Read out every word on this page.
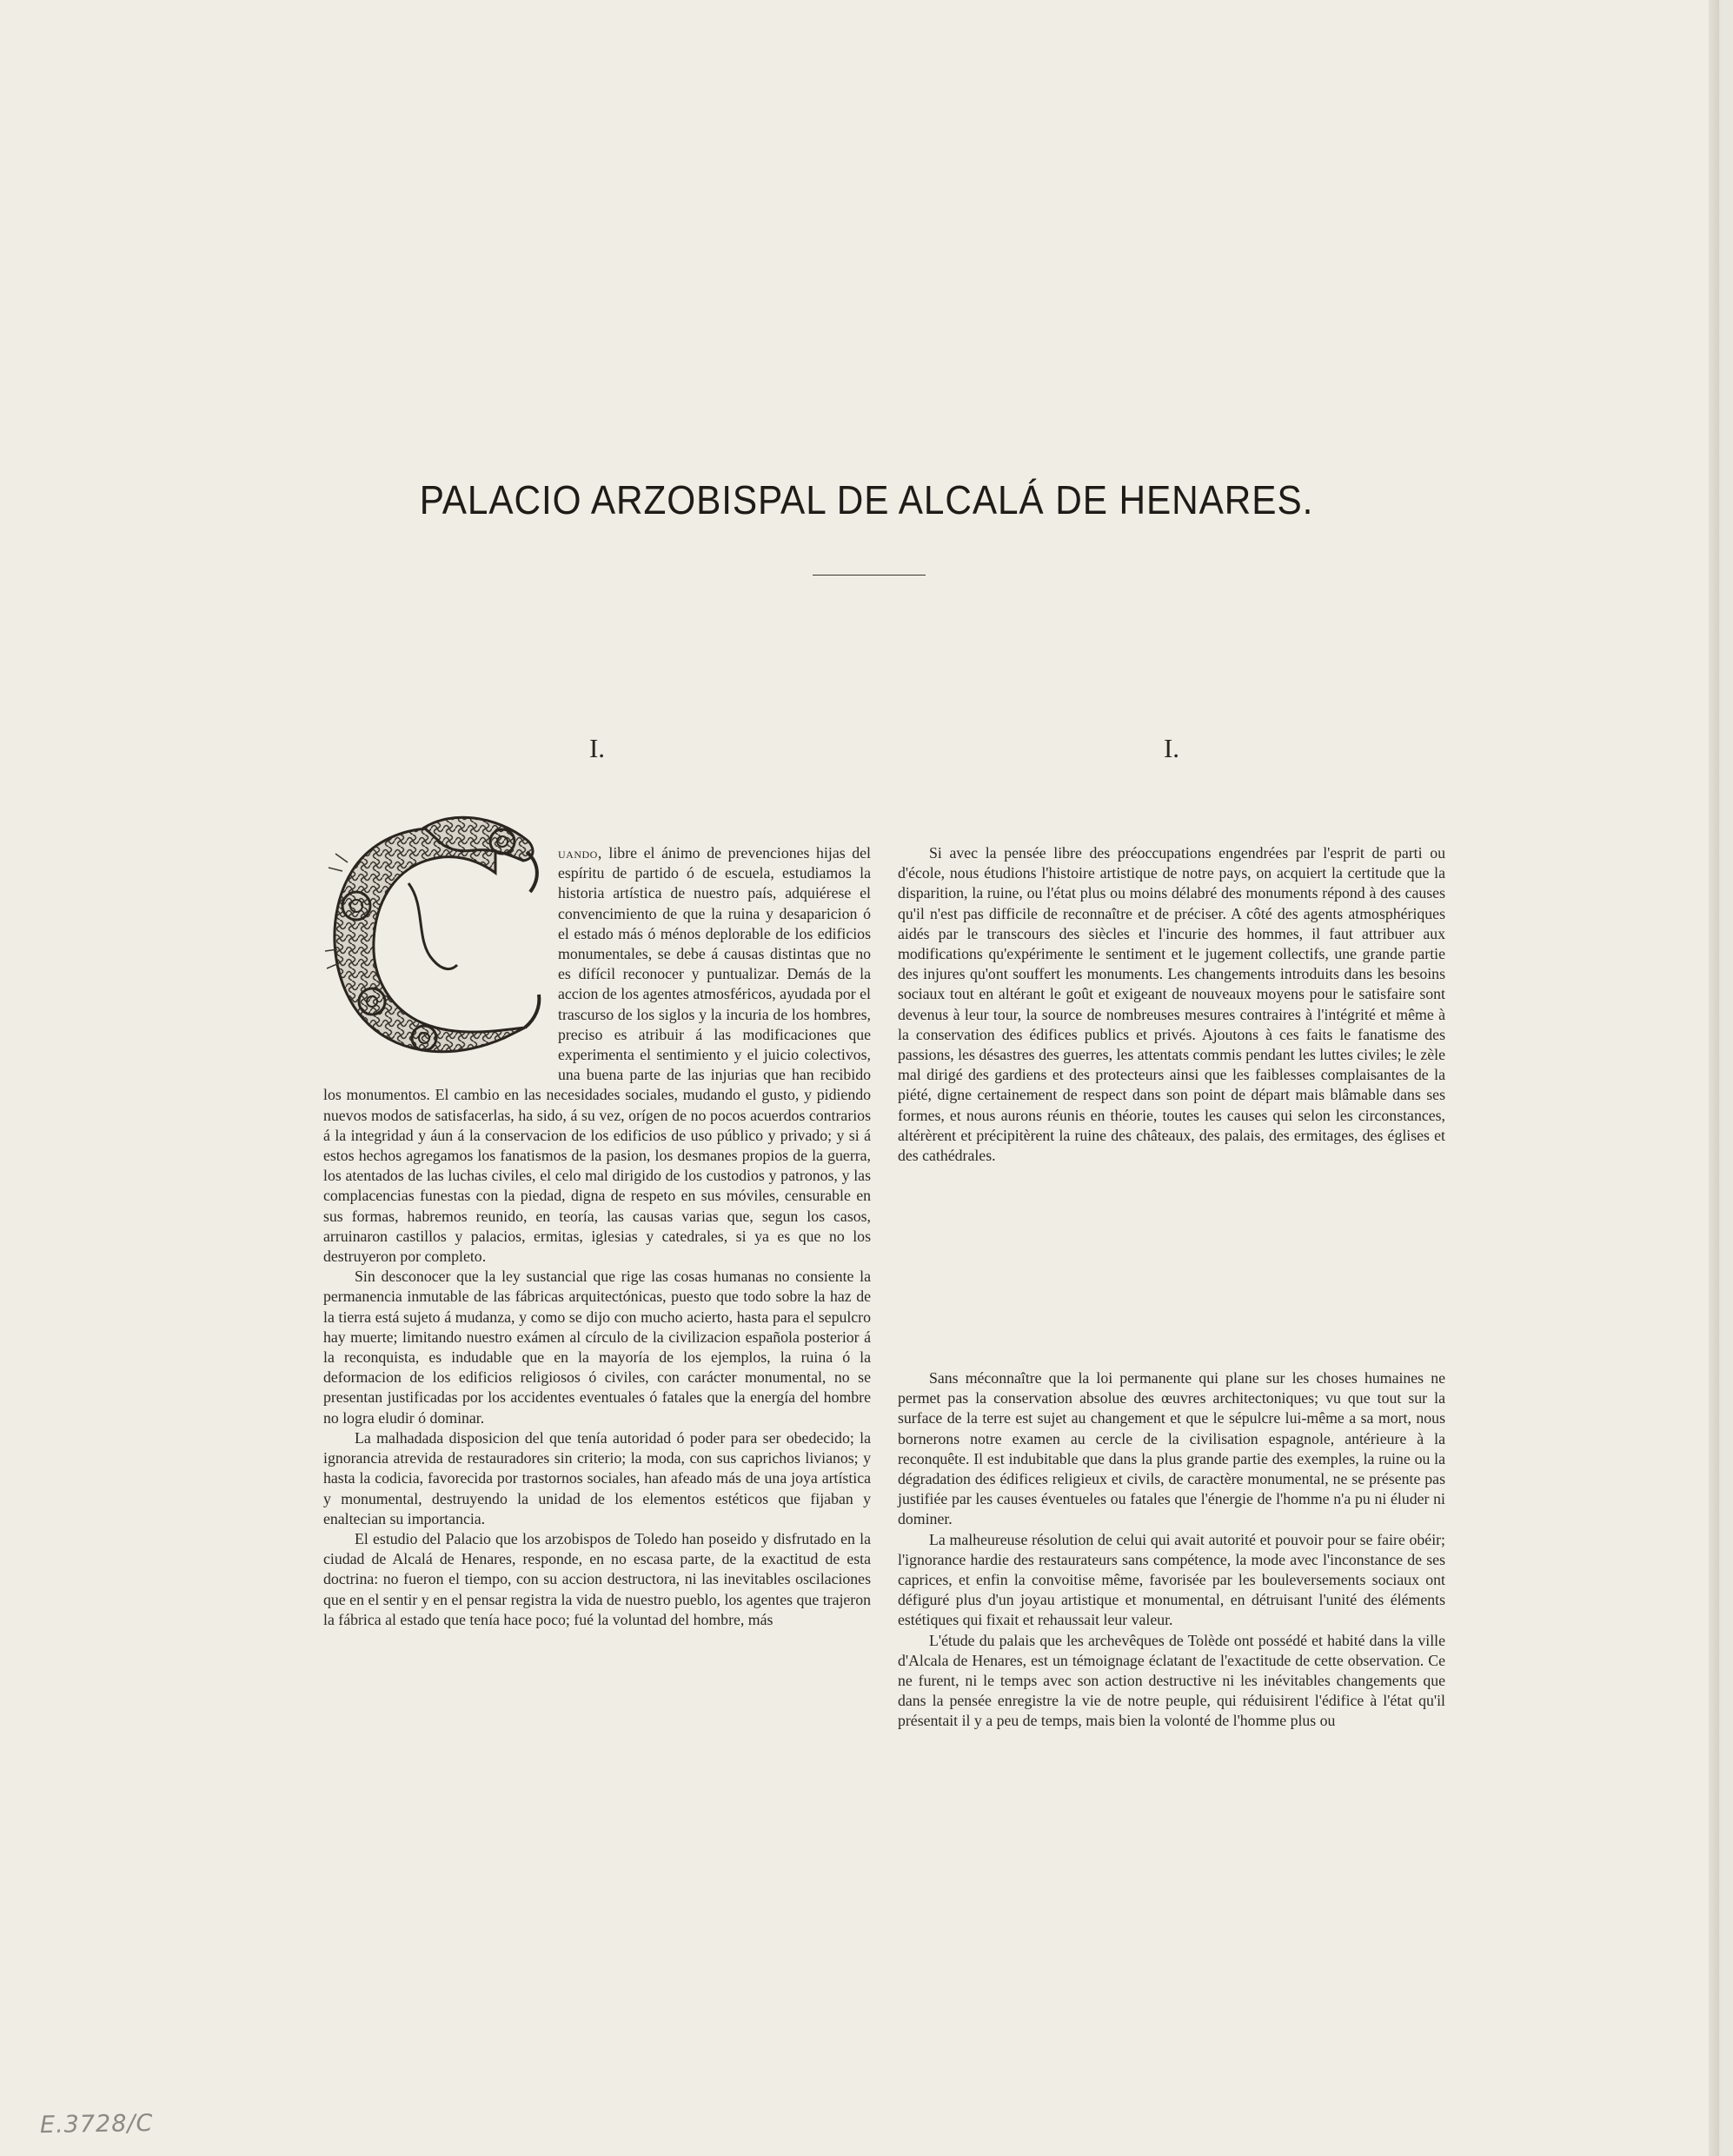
PALACIO ARZOBISPAL DE ALCALÁ DE HENARES.
I.

uando, libre el ánimo de prevenciones hijas del espíritu de partido ó de escuela, estudiamos la historia artística de nuestro país, adquiérese el convencimiento de que la ruina y desaparicion ó el estado más ó ménos deplorable de los edificios monumentales, se debe á causas distintas que no es difícil reconocer y puntualizar. Demás de la accion de los agentes atmosféricos, ayudada por el trascurso de los siglos y la incuria de los hombres, preciso es atribuir á las modificaciones que experimenta el sentimiento y el juicio colectivos, una buena parte de las injurias que han recibido los monumentos. El cambio en las necesidades sociales, mudando el gusto, y pidiendo nuevos modos de satisfacerlas, ha sido, á su vez, orígen de no pocos acuerdos contrarios á la integridad y áun á la conservacion de los edificios de uso público y privado; y si á estos hechos agregamos los fanatismos de la pasion, los desmanes propios de la guerra, los atentados de las luchas civiles, el celo mal dirigido de los custodios y patronos, y las complacencias funestas con la piedad, digna de respeto en sus móviles, censurable en sus formas, habremos reunido, en teoría, las causas varias que, segun los casos, arruinaron castillos y palacios, ermitas, iglesias y catedrales, si ya es que no los destruyeron por completo.

Sin desconocer que la ley sustancial que rige las cosas humanas no consiente la permanencia inmutable de las fábricas arquitectónicas, puesto que todo sobre la haz de la tierra está sujeto á mudanza, y como se dijo con mucho acierto, hasta para el sepulcro hay muerte; limitando nuestro exámen al círculo de la civilizacion española posterior á la reconquista, es indudable que en la mayoría de los ejemplos, la ruina ó la deformacion de los edificios religiosos ó civiles, con carácter monumental, no se presentan justificadas por los accidentes eventuales ó fatales que la energía del hombre no logra eludir ó dominar.

La malhadada disposicion del que tenía autoridad ó poder para ser obedecido; la ignorancia atrevida de restauradores sin criterio; la moda, con sus caprichos livianos; y hasta la codicia, favorecida por trastornos sociales, han afeado más de una joya artística y monumental, destruyendo la unidad de los elementos estéticos que fijaban y enaltecian su importancia.

El estudio del Palacio que los arzobispos de Toledo han poseido y disfrutado en la ciudad de Alcalá de Henares, responde, en no escasa parte, de la exactitud de esta doctrina: no fueron el tiempo, con su accion destructora, ni las inevitables oscilaciones que en el sentir y en el pensar registra la vida de nuestro pueblo, los agentes que trajeron la fábrica al estado que tenía hace poco; fué la voluntad del hombre, más

I.

Si avec la pensée libre des préoccupations engendrées par l'esprit de parti ou d'école, nous étudions l'histoire artistique de notre pays, on acquiert la certitude que la disparition, la ruine, ou l'état plus ou moins délabré des monuments répond à des causes qu'il n'est pas difficile de reconnaître et de préciser. A côté des agents atmosphériques aidés par le transcours des siècles et l'incurie des hommes, il faut attribuer aux modifications qu'expérimente le sentiment et le jugement collectifs, une grande partie des injures qu'ont souffert les monuments. Les changements introduits dans les besoins sociaux tout en altérant le goût et exigeant de nouveaux moyens pour le satisfaire sont devenus à leur tour, la source de nombreuses mesures contraires à l'intégrité et même à la conservation des édifices publics et privés. Ajoutons à ces faits le fanatisme des passions, les désastres des guerres, les attentats commis pendant les luttes civiles; le zèle mal dirigé des gardiens et des protecteurs ainsi que les faiblesses complaisantes de la piété, digne certainement de respect dans son point de départ mais blâmable dans ses formes, et nous aurons réunis en théorie, toutes les causes qui selon les circonstances, altérèrent et précipitèrent la ruine des châteaux, des palais, des ermitages, des églises et des cathédrales.

Sans méconnaître que la loi permanente qui plane sur les choses humaines ne permet pas la conservation absolue des œuvres architectoniques; vu que tout sur la surface de la terre est sujet au changement et que le sépulcre lui-même a sa mort, nous bornerons notre examen au cercle de la civilisation espagnole, antérieure à la reconquête. Il est indubitable que dans la plus grande partie des exemples, la ruine ou la dégradation des édifices religieux et civils, de caractère monumental, ne se présente pas justifiée par les causes éventueles ou fatales que l'énergie de l'homme n'a pu ni éluder ni dominer.

La malheureuse résolution de celui qui avait autorité et pouvoir pour se faire obéir; l'ignorance hardie des restaurateurs sans compétence, la mode avec l'inconstance de ses caprices, et enfin la convoitise même, favorisée par les bouleversements sociaux ont défiguré plus d'un joyau artistique et monumental, en détruisant l'unité des éléments estétiques qui fixait et rehaussait leur valeur.

L'étude du palais que les archevêques de Tolède ont possédé et habité dans la ville d'Alcala de Henares, est un témoignage éclatant de l'exactitude de cette observation. Ce ne furent, ni le temps avec son action destructive ni les inévitables changements que dans la pensée enregistre la vie de notre peuple, qui réduisirent l'édifice à l'état qu'il présentait il y a peu de temps, mais bien la volonté de l'homme plus ou

E.3728/C
